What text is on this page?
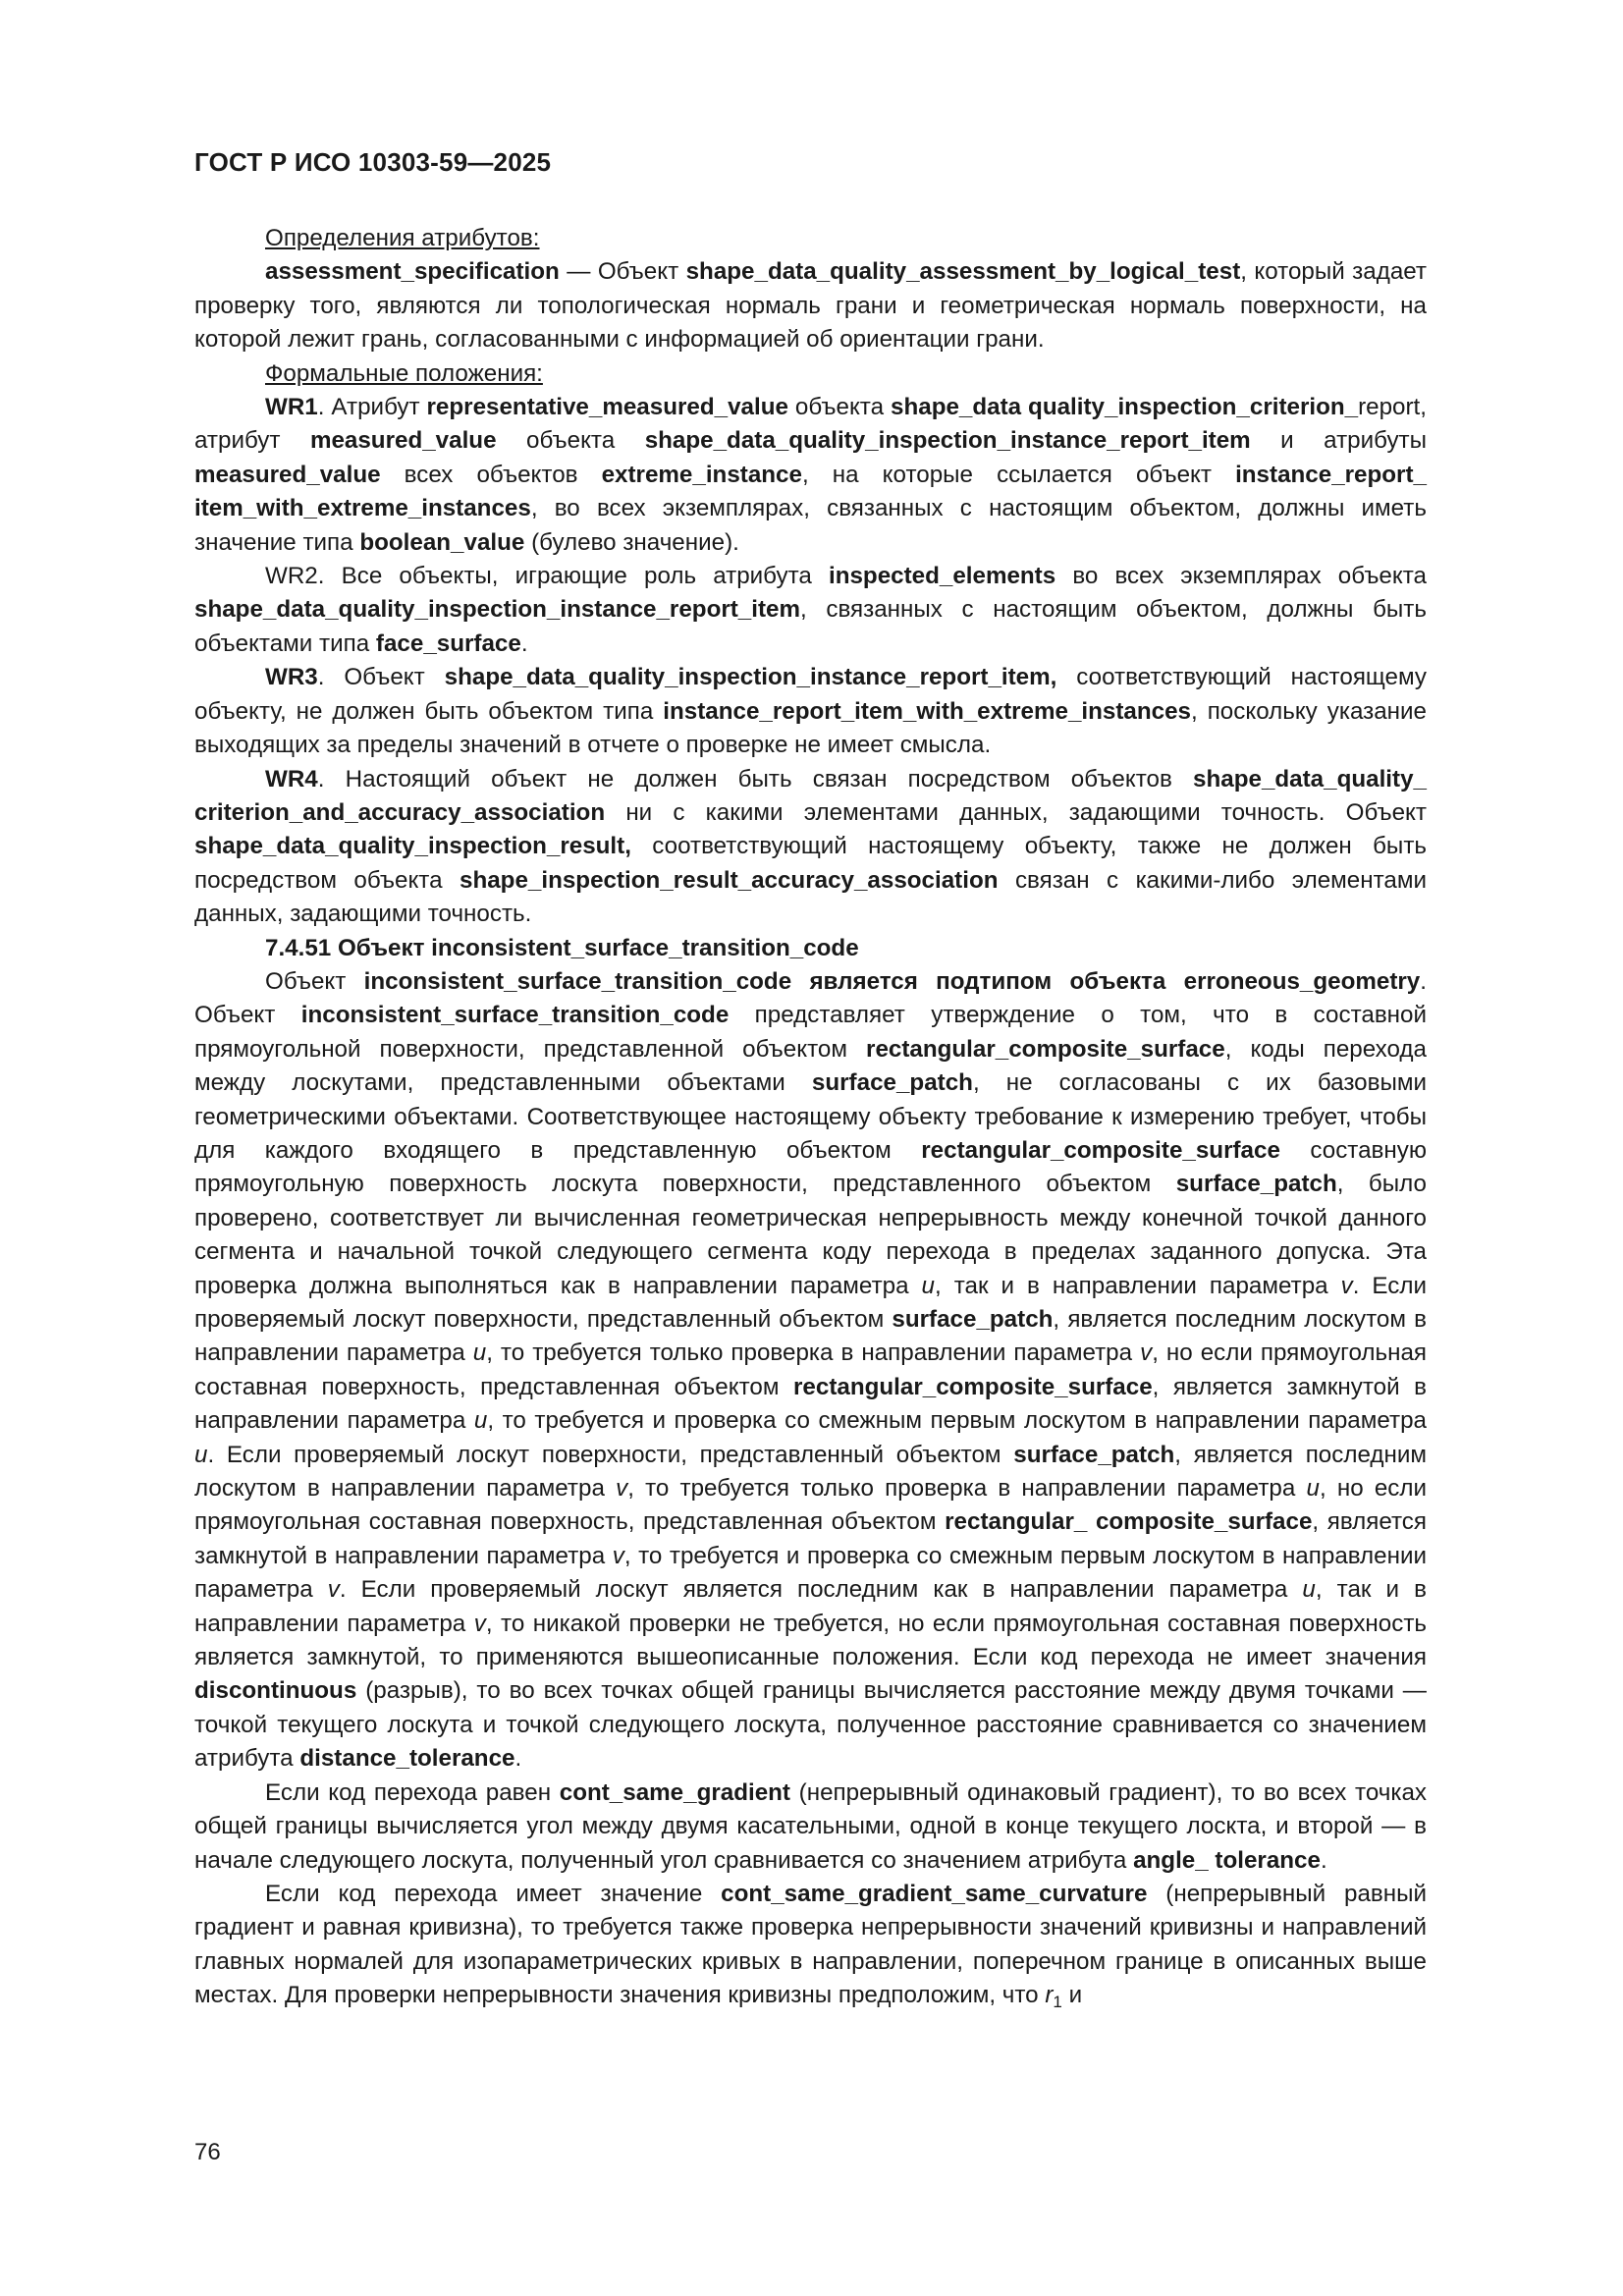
ГОСТ Р ИСО 10303-59—2025

Определения атрибутов:

assessment_specification — Объект shape_data_quality_assessment_by_logical_test, который задает проверку того, являются ли топологическая нормаль грани и геометрическая нормаль поверхности, на которой лежит грань, согласованными с информацией об ориентации грани.

Формальные положения:

WR1. Атрибут representative_measured_value объекта shape_data quality_inspection_criterion_report, атрибут measured_value объекта shape_data_quality_inspection_instance_report_item и атрибуты measured_value всех объектов extreme_instance, на которые ссылается объект instance_report_ item_with_extreme_instances, во всех экземплярах, связанных с настоящим объектом, должны иметь значение типа boolean_value (булево значение).

WR2. Все объекты, играющие роль атрибута inspected_elements во всех экземплярах объекта shape_data_quality_inspection_instance_report_item, связанных с настоящим объектом, должны быть объектами типа face_surface.

WR3. Объект shape_data_quality_inspection_instance_report_item, соответствующий настоящему объекту, не должен быть объектом типа instance_report_item_with_extreme_instances, поскольку указание выходящих за пределы значений в отчете о проверке не имеет смысла.

WR4. Настоящий объект не должен быть связан посредством объектов shape_data_quality_ criterion_and_accuracy_association ни с какими элементами данных, задающими точность. Объект shape_data_quality_inspection_result, соответствующий настоящему объекту, также не должен быть посредством объекта shape_inspection_result_accuracy_association связан с какими-либо элементами данных, задающими точность.

7.4.51 Объект inconsistent_surface_transition_code

Объект inconsistent_surface_transition_code является подтипом объекта erroneous_geometry. Объект inconsistent_surface_transition_code представляет утверждение о том, что в составной прямоугольной поверхности, представленной объектом rectangular_composite_surface, коды перехода между лоскутами, представленными объектами surface_patch, не согласованы с их базовыми геометрическими объектами. Соответствующее настоящему объекту требование к измерению требует, чтобы для каждого входящего в представленную объектом rectangular_composite_surface составную прямоугольную поверхность лоскута поверхности, представленного объектом surface_patch, было проверено, соответствует ли вычисленная геометрическая непрерывность между конечной точкой данного сегмента и начальной точкой следующего сегмента коду перехода в пределах заданного допуска. Эта проверка должна выполняться как в направлении параметра u, так и в направлении параметра v. Если проверяемый лоскут поверхности, представленный объектом surface_patch, является последним лоскутом в направлении параметра u, то требуется только проверка в направлении параметра v, но если прямоугольная составная поверхность, представленная объектом rectangular_composite_surface, является замкнутой в направлении параметра u, то требуется и проверка со смежным первым лоскутом в направлении параметра u. Если проверяемый лоскут поверхности, представленный объектом surface_patch, является последним лоскутом в направлении параметра v, то требуется только проверка в направлении параметра u, но если прямоугольная составная поверхность, представленная объектом rectangular_ composite_surface, является замкнутой в направлении параметра v, то требуется и проверка со смежным первым лоскутом в направлении параметра v. Если проверяемый лоскут является последним как в направлении параметра u, так и в направлении параметра v, то никакой проверки не требуется, но если прямоугольная составная поверхность является замкнутой, то применяются вышеописанные положения. Если код перехода не имеет значения discontinuous (разрыв), то во всех точках общей границы вычисляется расстояние между двумя точками — точкой текущего лоскута и точкой следующего лоскута, полученное расстояние сравнивается со значением атрибута distance_tolerance.

Если код перехода равен cont_same_gradient (непрерывный одинаковый градиент), то во всех точках общей границы вычисляется угол между двумя касательными, одной в конце текущего лоскта, и второй — в начале следующего лоскута, полученный угол сравнивается со значением атрибута angle_ tolerance.

Если код перехода имеет значение cont_same_gradient_same_curvature (непрерывный равный градиент и равная кривизна), то требуется также проверка непрерывности значений кривизны и направлений главных нормалей для изопараметрических кривых в направлении, поперечном границе в описанных выше местах. Для проверки непрерывности значения кривизны предположим, что $r_1$ и

76
